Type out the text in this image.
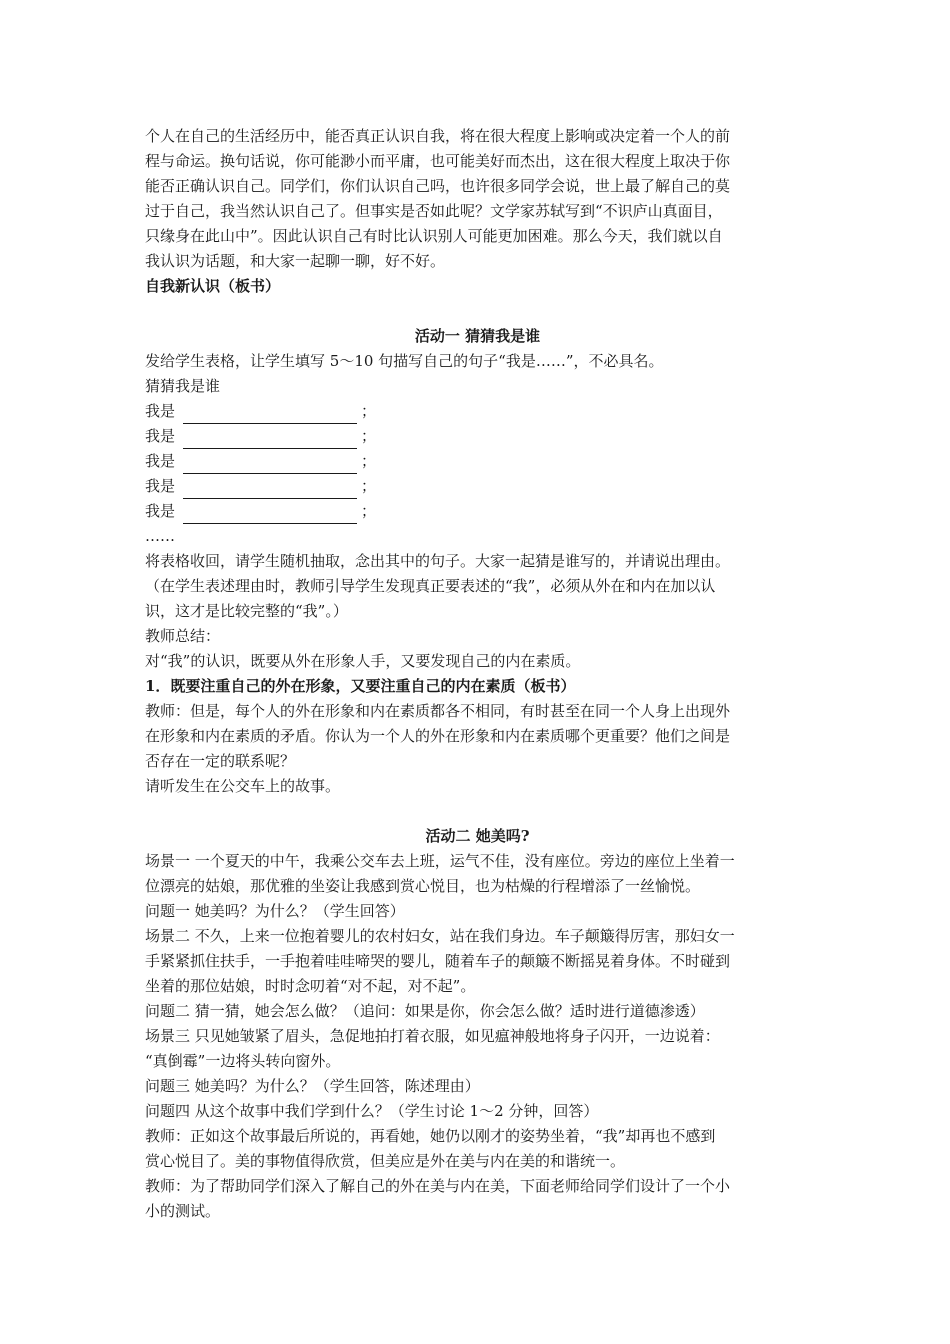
个人在自己的生活经历中，能否真正认识自我，将在很大程度上影响或决定着一个人的前
程与命运。换句话说，你可能渺小而平庸，也可能美好而杰出，这在很大程度上取决于你
能否正确认识自己。同学们，你们认识自己吗，也许很多同学会说，世上最了解自己的莫
过于自己，我当然认识自己了。但事实是否如此呢？文学家苏轼写到“不识庐山真面目，
只缘身在此山中”。因此认识自己有时比认识别人可能更加困难。那么今天，我们就以自
我认识为话题，和大家一起聊一聊，好不好。
自我新认识（板书）
活动一 猜猜我是谁
发给学生表格，让学生填写 5～10 句描写自己的句子“我是……”，不必具名。
猜猜我是谁
我是	；
我是	；
我是	；
我是	；
我是	；
……
将表格收回，请学生随机抽取，念出其中的句子。大家一起猜是谁写的，并请说出理由。
（在学生表述理由时，教师引导学生发现真正要表述的“我”，必须从外在和内在加以认
识，这才是比较完整的“我”。）
教师总结：
对“我”的认识，既要从外在形象人手，又要发现自己的内在素质。
1．既要注重自己的外在形象，又要注重自己的内在素质（板书）
教师：但是，每个人的外在形象和内在素质都各不相同，有时甚至在同一个人身上出现外
在形象和内在素质的矛盾。你认为一个人的外在形象和内在素质哪个更重要？他们之间是
否存在一定的联系呢？
请听发生在公交车上的故事。
活动二 她美吗?
场景一 一个夏天的中午，我乘公交车去上班，运气不佳，没有座位。旁边的座位上坐着一
位漂亮的姑娘，那优雅的坐姿让我感到赏心悦目，也为枯燥的行程增添了一丝愉悦。
问题一 她美吗？为什么？（学生回答）
场景二 不久，上来一位抱着婴儿的农村妇女，站在我们身边。车子颠簸得厉害，那妇女一
手紧紧抓住扶手，一手抱着哇哇啼哭的婴儿，随着车子的颠簸不断摇晃着身体。不时碰到
坐着的那位姑娘，时时念叨着“对不起，对不起”。
问题二 猜一猜，她会怎么做？（追问：如果是你，你会怎么做？适时进行道德渗透）
场景三 只见她皱紧了眉头，急促地拍打着衣服，如见瘟神般地将身子闪开，一边说着：
“真倒霉”一边将头转向窗外。
问题三 她美吗？为什么？（学生回答，陈述理由）
问题四 从这个故事中我们学到什么？（学生讨论 1～2 分钟，回答）
教师：正如这个故事最后所说的，再看她，她仍以刚才的姿势坐着，“我”却再也不感到
赏心悦目了。美的事物值得欣赏，但美应是外在美与内在美的和谐统一。
教师：为了帮助同学们深入了解自己的外在美与内在美，下面老师给同学们设计了一个小
小的测试。
